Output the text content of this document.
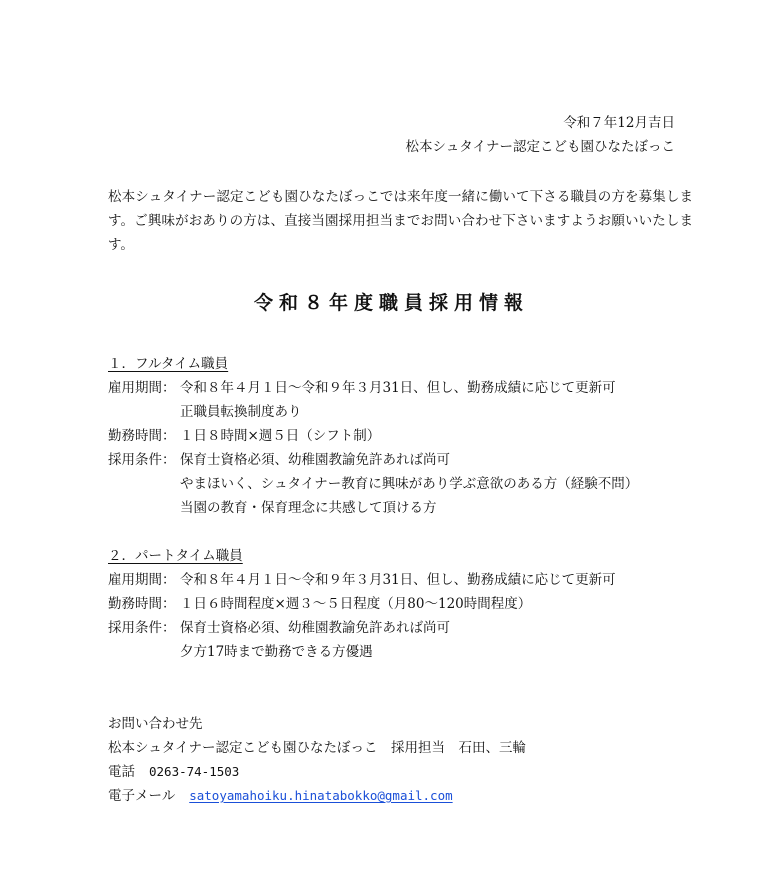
令和７年12月吉日
松本シュタイナー認定こども園ひなたぼっこ
松本シュタイナー認定こども園ひなたぼっこでは来年度一緒に働いて下さる職員の方を募集します。ご興味がおありの方は、直接当園採用担当までお問い合わせ下さいますようお願いいたします。
令和８年度職員採用情報
１．フルタイム職員
雇用期間： 令和８年４月１日～令和９年３月31日、但し、勤務成績に応じて更新可
正職員転換制度あり
勤務時間： １日８時間×週５日（シフト制）
採用条件： 保育士資格必須、幼稚園教諭免許あれば尚可
やまほいく、シュタイナー教育に興味があり学ぶ意欲のある方（経験不問）
当園の教育・保育理念に共感して頂ける方
２．パートタイム職員
雇用期間： 令和８年４月１日～令和９年３月31日、但し、勤務成績に応じて更新可
勤務時間： １日６時間程度×週３～５日程度（月80～120時間程度）
採用条件： 保育士資格必須、幼稚園教諭免許あれば尚可
夕方17時まで勤務できる方優遇
お問い合わせ先
松本シュタイナー認定こども園ひなたぼっこ　採用担当　石田、三輪
電話 0263-74-1503
電子メール satoyamahoiku.hinatabokko@gmail.com
